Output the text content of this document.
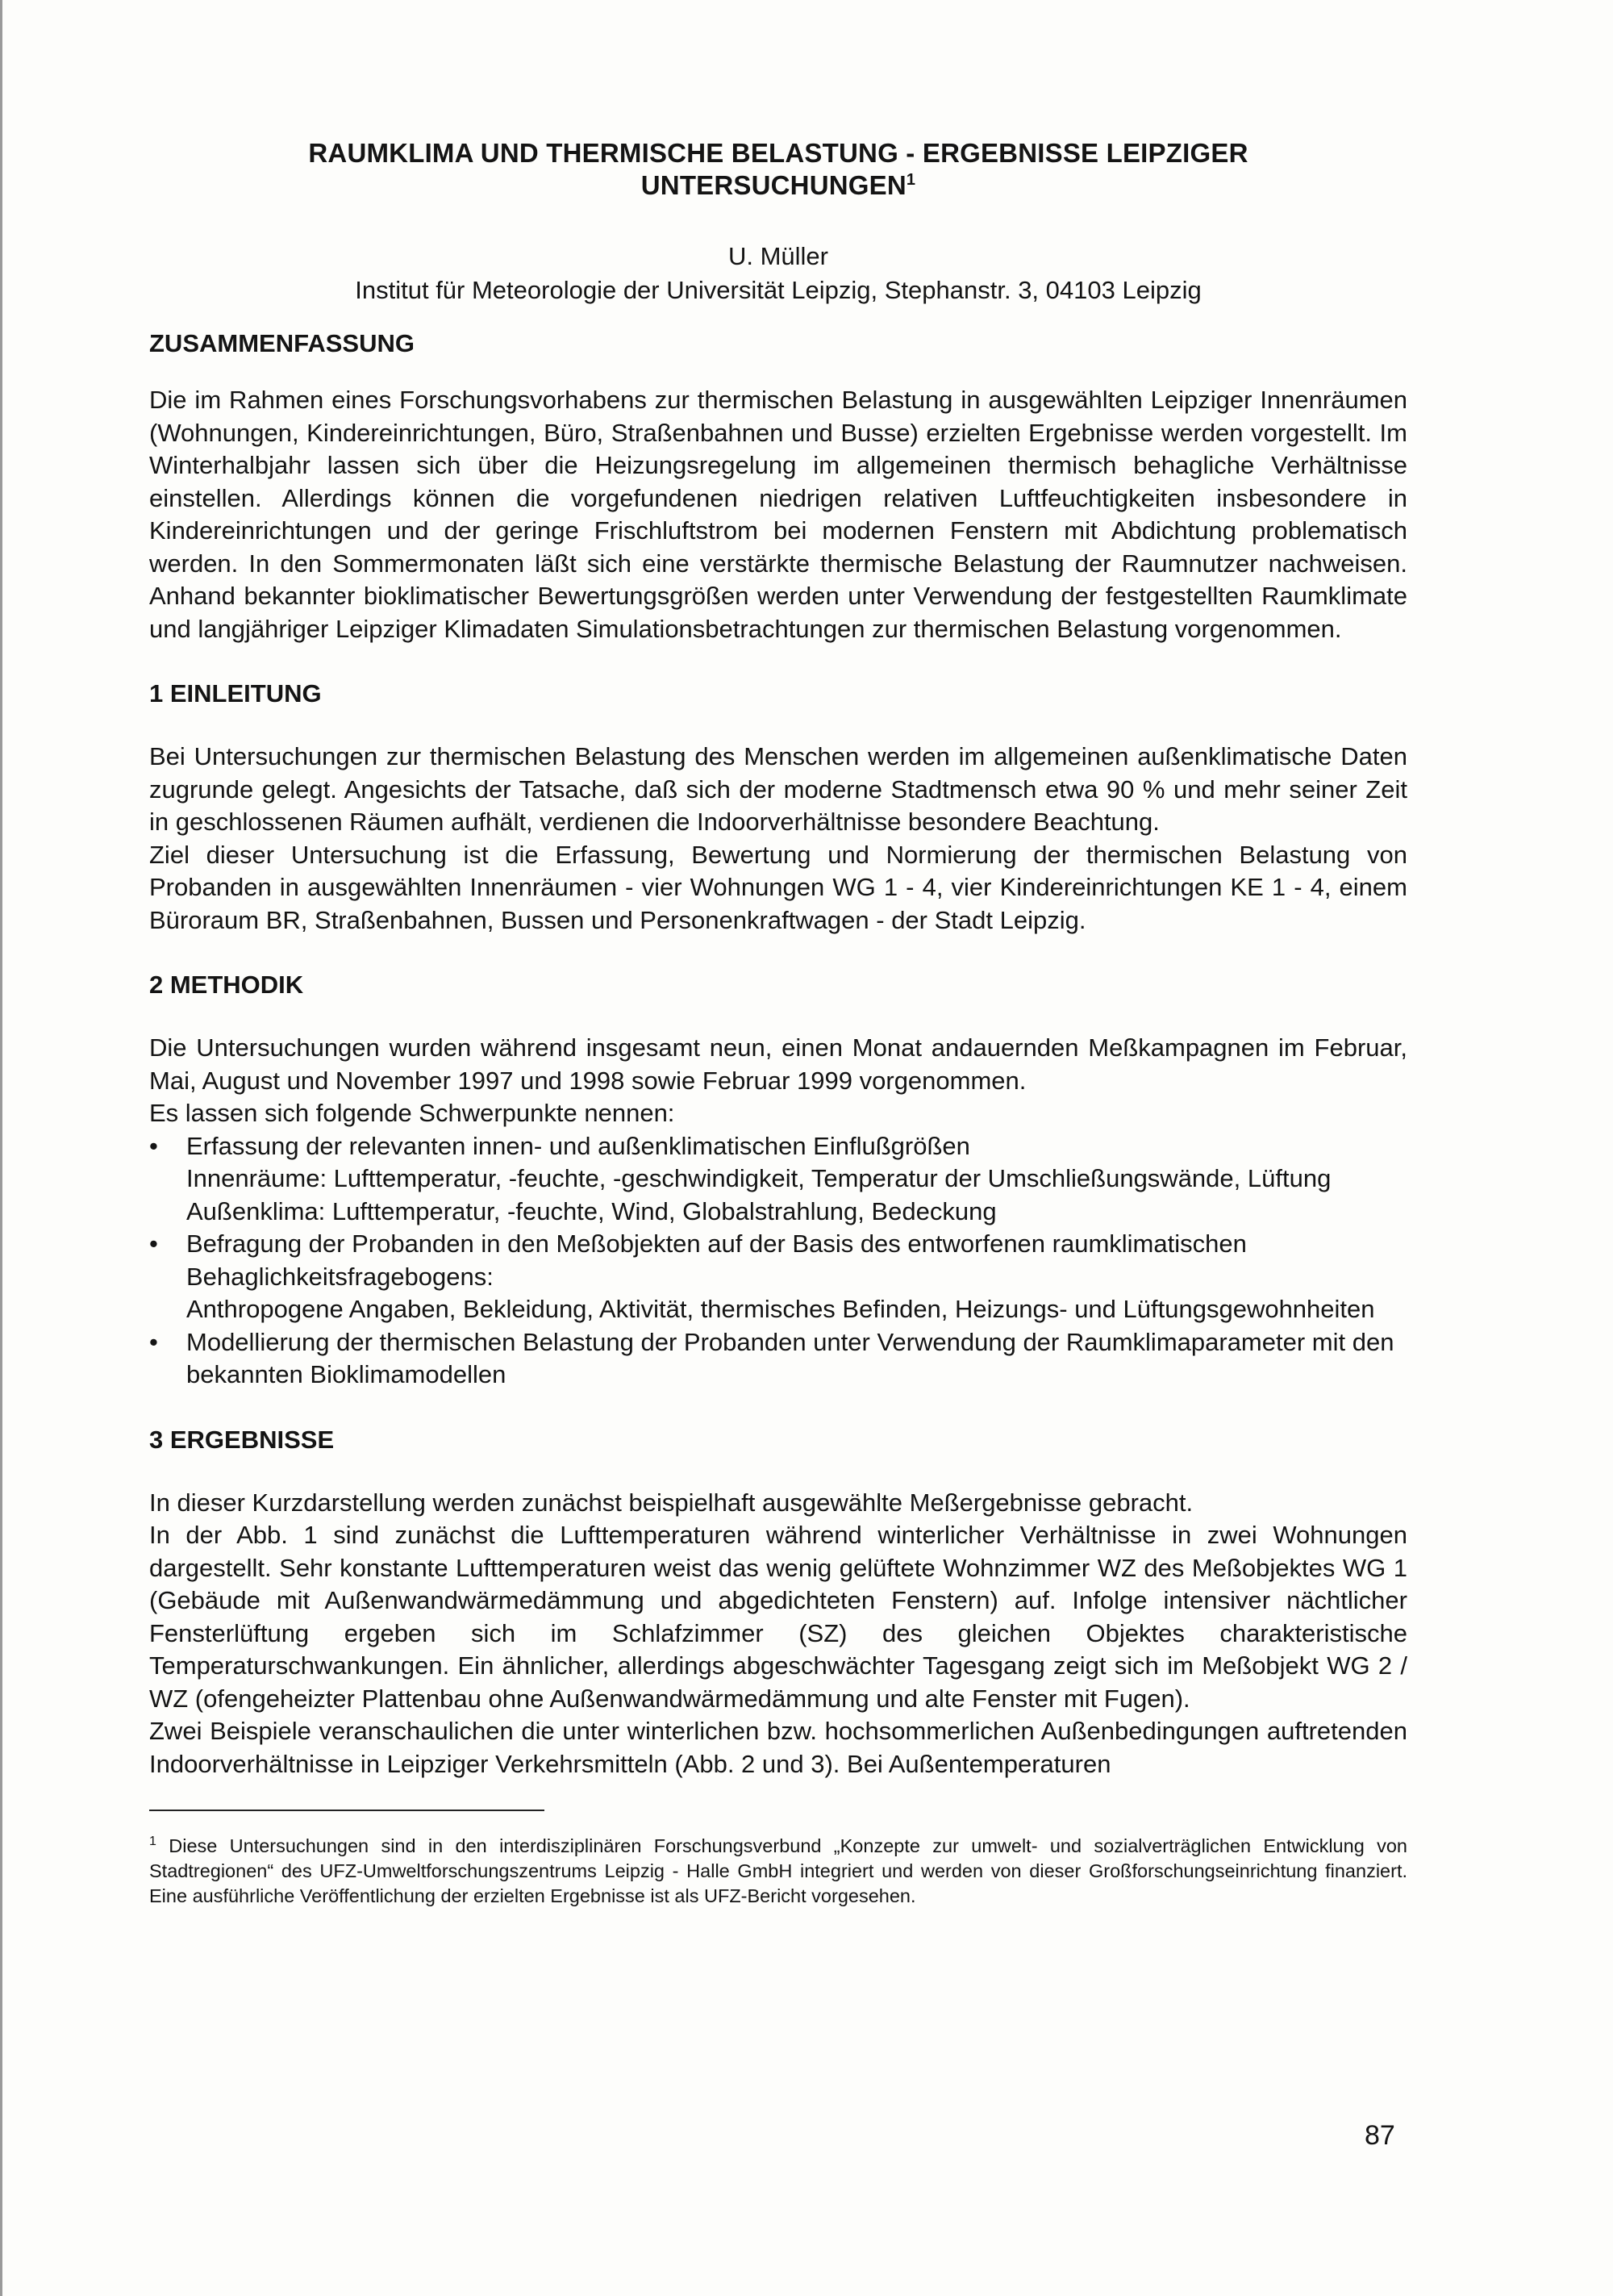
RAUMKLIMA UND THERMISCHE BELASTUNG - ERGEBNISSE LEIPZIGER
UNTERSUCHUNGEN$^1$
U. Müller
Institut für Meteorologie der Universität Leipzig, Stephanstr. 3, 04103 Leipzig
ZUSAMMENFASSUNG

Die im Rahmen eines Forschungsvorhabens zur thermischen Belastung in ausgewählten Leipziger Innenräumen (Wohnungen, Kindereinrichtungen, Büro, Straßenbahnen und Busse) erzielten Ergebnisse werden vorgestellt. Im Winterhalbjahr lassen sich über die Heizungsregelung im allgemeinen thermisch behagliche Verhältnisse einstellen. Allerdings können die vorgefundenen niedrigen relativen Luftfeuchtigkeiten insbesondere in Kindereinrichtungen und der geringe Frischluftstrom bei modernen Fenstern mit Abdichtung problematisch werden. In den Sommermonaten läßt sich eine verstärkte thermische Belastung der Raumnutzer nachweisen. Anhand bekannter bioklimatischer Bewertungsgrößen werden unter Verwendung der festgestellten Raumklimate und langjähriger Leipziger Klimadaten Simulationsbetrachtungen zur thermischen Belastung vorgenommen.

1 EINLEITUNG

Bei Untersuchungen zur thermischen Belastung des Menschen werden im allgemeinen außenklimatische Daten zugrunde gelegt. Angesichts der Tatsache, daß sich der moderne Stadtmensch etwa 90 % und mehr seiner Zeit in geschlossenen Räumen aufhält, verdienen die Indoorverhältnisse besondere Beachtung.

Ziel dieser Untersuchung ist die Erfassung, Bewertung und Normierung der thermischen Belastung von Probanden in ausgewählten Innenräumen - vier Wohnungen WG 1 - 4, vier Kindereinrichtungen KE 1 - 4, einem Büroraum BR, Straßenbahnen, Bussen und Personenkraftwagen - der Stadt Leipzig.

2 METHODIK

Die Untersuchungen wurden während insgesamt neun, einen Monat andauernden Meßkampagnen im Februar, Mai, August und November 1997 und 1998 sowie Februar 1999 vorgenommen.

Es lassen sich folgende Schwerpunkte nennen:

•	Erfassung der relevanten innen- und außenklimatischen Einflußgrößen
Innenräume: Lufttemperatur, -feuchte, -geschwindigkeit, Temperatur der Umschließungswände, Lüftung
Außenklima: Lufttemperatur, -feuchte, Wind, Globalstrahlung, Bedeckung
•	Befragung der Probanden in den Meßobjekten auf der Basis des entworfenen raumklimatischen Behaglichkeitsfragebogens:
Anthropogene Angaben, Bekleidung, Aktivität, thermisches Befinden, Heizungs- und Lüftungsgewohnheiten
•	Modellierung der thermischen Belastung der Probanden unter Verwendung der Raumklimaparameter mit den bekannten Bioklimamodellen
3 ERGEBNISSE

In dieser Kurzdarstellung werden zunächst beispielhaft ausgewählte Meßergebnisse gebracht.

In der Abb. 1 sind zunächst die Lufttemperaturen während winterlicher Verhältnisse in zwei Wohnungen dargestellt. Sehr konstante Lufttemperaturen weist das wenig gelüftete Wohnzimmer WZ des Meßobjektes WG 1 (Gebäude mit Außenwandwärmedämmung und abgedichteten Fenstern) auf. Infolge intensiver nächtlicher Fensterlüftung ergeben sich im Schlafzimmer (SZ) des gleichen Objektes charakteristische Temperaturschwankungen. Ein ähnlicher, allerdings abgeschwächter Tagesgang zeigt sich im Meßobjekt WG 2 / WZ (ofengeheizter Plattenbau ohne Außenwandwärmedämmung und alte Fenster mit Fugen).

Zwei Beispiele veranschaulichen die unter winterlichen bzw. hochsommerlichen Außenbedingungen auftretenden Indoorverhältnisse in Leipziger Verkehrsmitteln (Abb. 2 und 3). Bei Außentemperaturen

$^1$ Diese Untersuchungen sind in den interdisziplinären Forschungsverbund „Konzepte zur umwelt- und sozialverträglichen Entwicklung von Stadtregionen“ des UFZ-Umweltforschungszentrums Leipzig - Halle GmbH integriert und werden von dieser Großforschungseinrichtung finanziert. Eine ausführliche Veröffentlichung der erzielten Ergebnisse ist als UFZ-Bericht vorgesehen.

87
